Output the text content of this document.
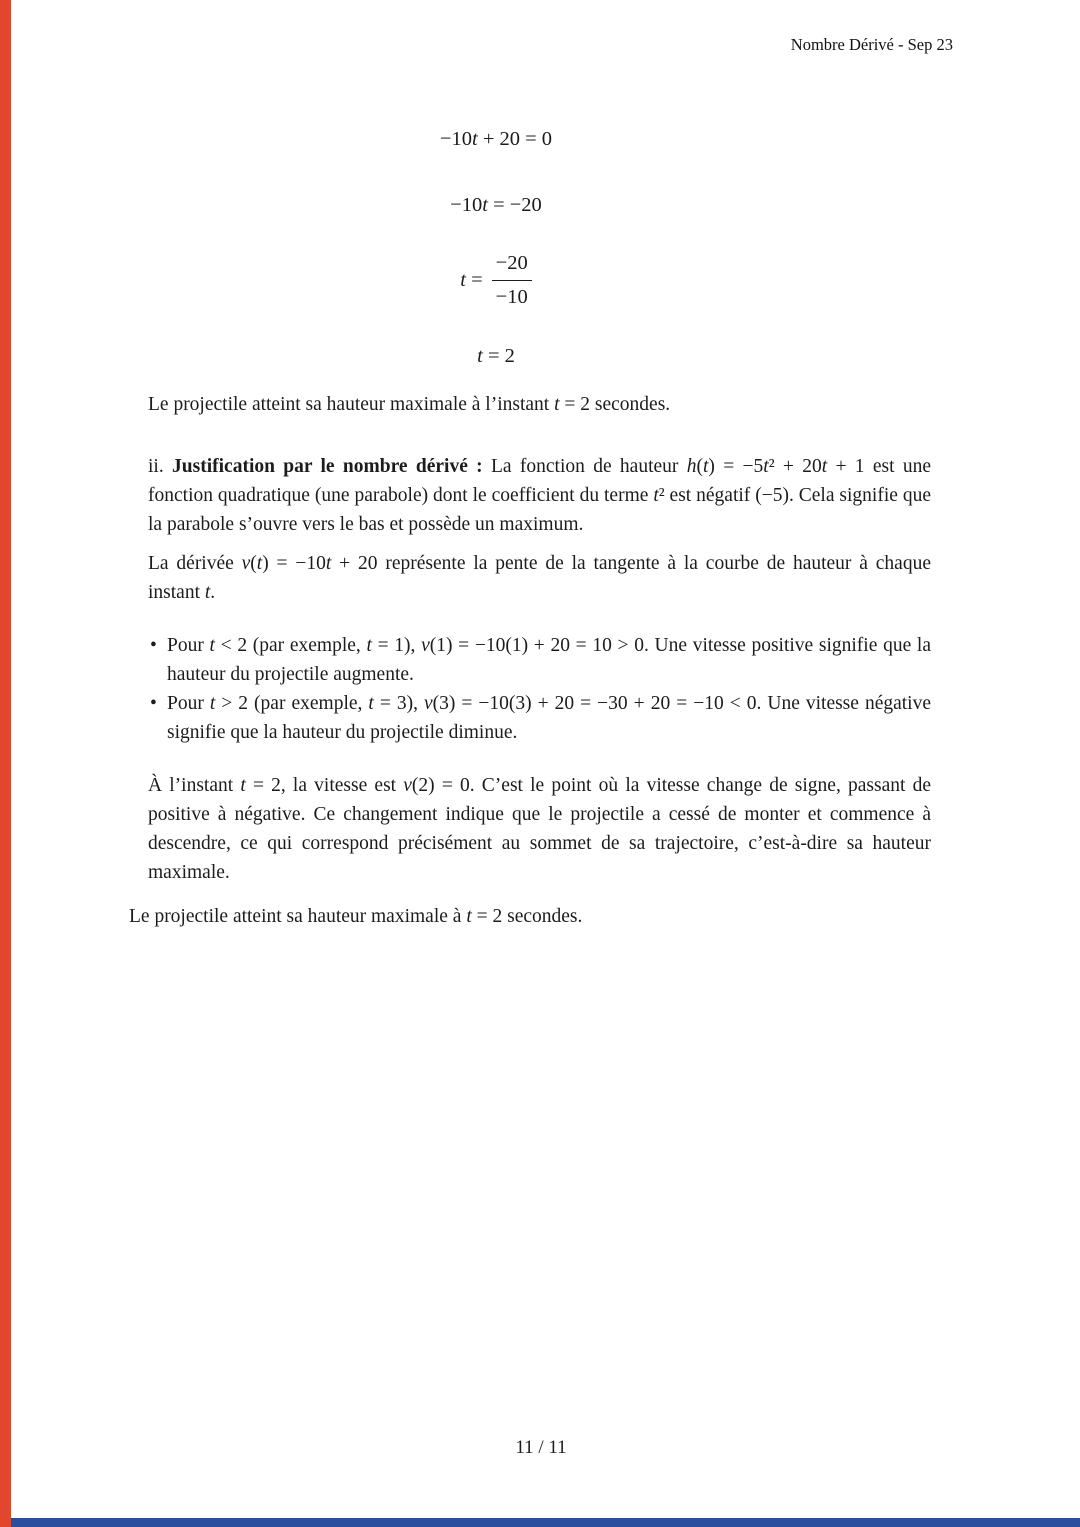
Nombre Dérivé - Sep 23
−10t + 20 = 0
−10t = −20
$t = \frac{-20}{-10}$
t = 2

Le projectile atteint sa hauteur maximale à l’instant t = 2 secondes.

ii. Justification par le nombre dérivé : La fonction de hauteur h(t) = −5t² + 20t + 1 est une fonction quadratique (une parabole) dont le coefficient du terme t² est négatif (−5). Cela signifie que la parabole s’ouvre vers le bas et possède un maximum.

La dérivée v(t) = −10t + 20 représente la pente de la tangente à la courbe de hauteur à chaque instant t.

• Pour t < 2 (par exemple, t = 1), v(1) = −10(1) + 20 = 10 > 0. Une vitesse positive signifie que la hauteur du projectile augmente.
• Pour t > 2 (par exemple, t = 3), v(3) = −10(3) + 20 = −30 + 20 = −10 < 0. Une vitesse négative signifie que la hauteur du projectile diminue.

À l’instant t = 2, la vitesse est v(2) = 0. C’est le point où la vitesse change de signe, passant de positive à négative. Ce changement indique que le projectile a cessé de monter et commence à descendre, ce qui correspond précisément au sommet de sa trajectoire, c’est-à-dire sa hauteur maximale.

Le projectile atteint sa hauteur maximale à t = 2 secondes.

11 / 11
